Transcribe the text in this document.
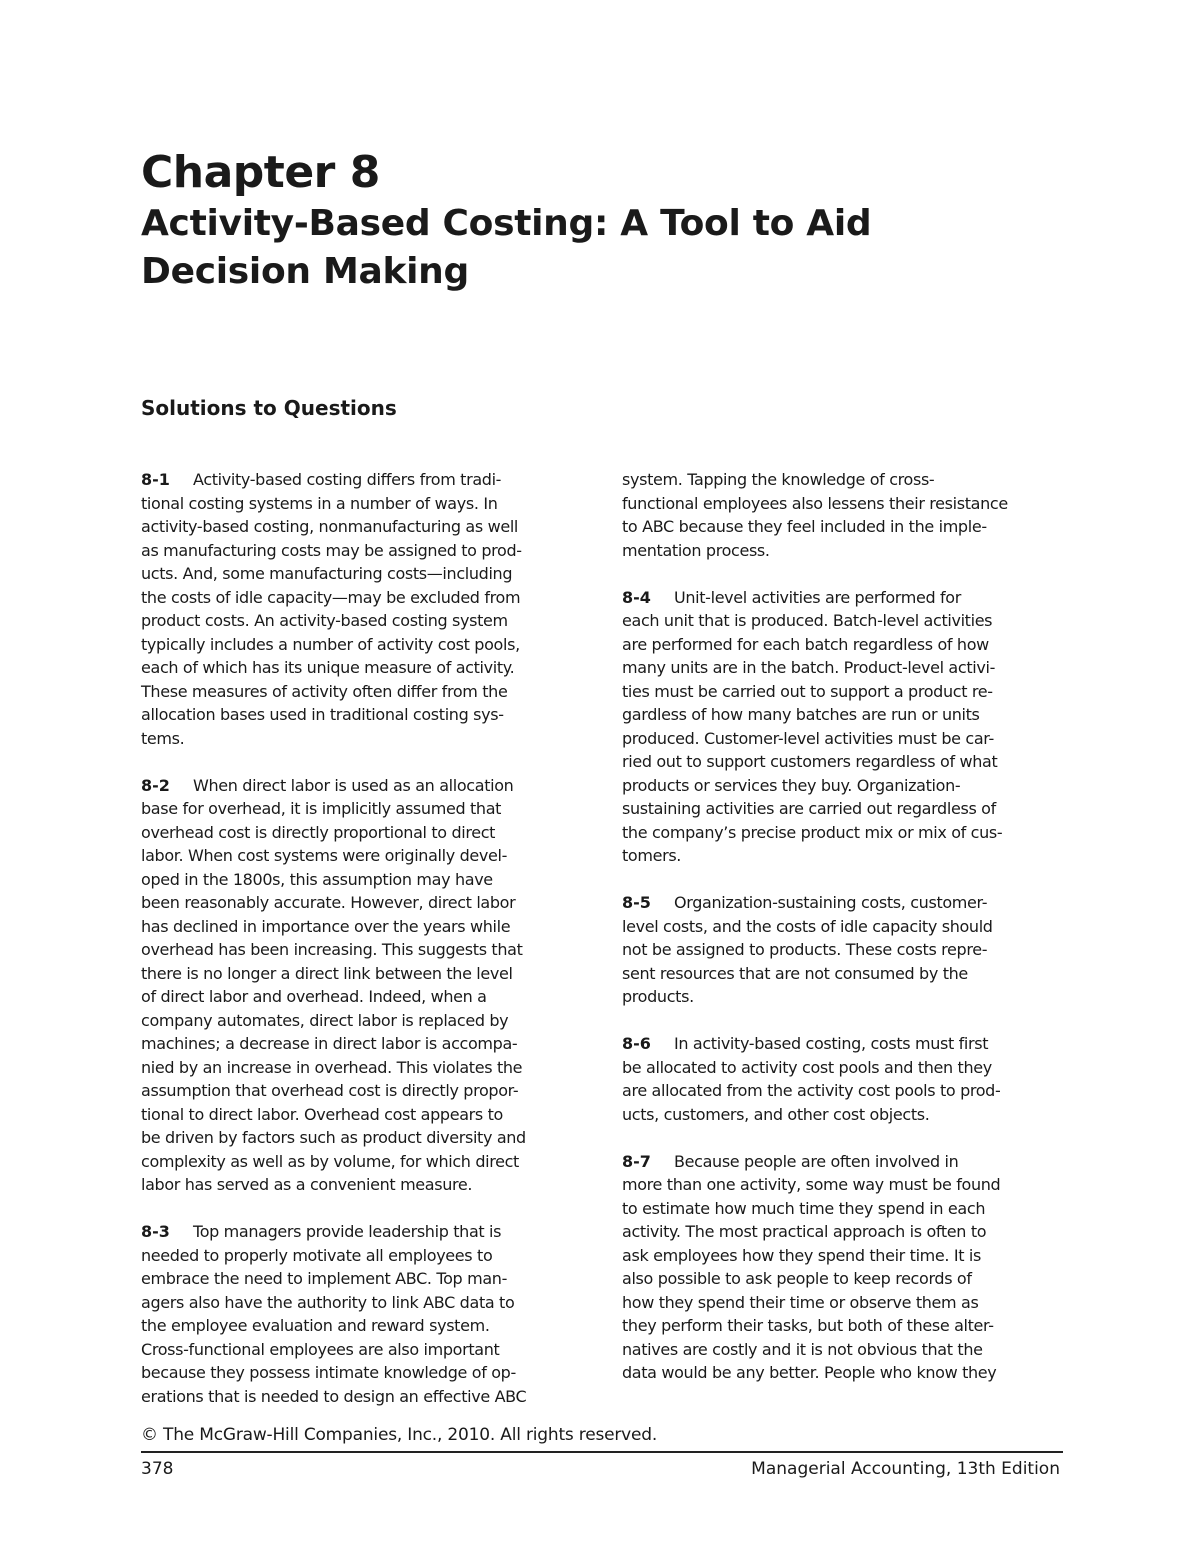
Chapter 8
Activity-Based Costing: A Tool to Aid
Decision Making
Solutions to Questions
8-1 Activity-based costing differs from tradi-
tional costing systems in a number of ways. In
activity-based costing, nonmanufacturing as well
as manufacturing costs may be assigned to prod-
ucts. And, some manufacturing costs—including
the costs of idle capacity—may be excluded from
product costs. An activity-based costing system
typically includes a number of activity cost pools,
each of which has its unique measure of activity.
These measures of activity often differ from the
allocation bases used in traditional costing sys-
tems.
8-2 When direct labor is used as an allocation
base for overhead, it is implicitly assumed that
overhead cost is directly proportional to direct
labor. When cost systems were originally devel-
oped in the 1800s, this assumption may have
been reasonably accurate. However, direct labor
has declined in importance over the years while
overhead has been increasing. This suggests that
there is no longer a direct link between the level
of direct labor and overhead. Indeed, when a
company automates, direct labor is replaced by
machines; a decrease in direct labor is accompa-
nied by an increase in overhead. This violates the
assumption that overhead cost is directly propor-
tional to direct labor. Overhead cost appears to
be driven by factors such as product diversity and
complexity as well as by volume, for which direct
labor has served as a convenient measure.
8-3 Top managers provide leadership that is
needed to properly motivate all employees to
embrace the need to implement ABC. Top man-
agers also have the authority to link ABC data to
the employee evaluation and reward system.
Cross-functional employees are also important
because they possess intimate knowledge of op-
erations that is needed to design an effective ABC
system. Tapping the knowledge of cross-
functional employees also lessens their resistance
to ABC because they feel included in the imple-
mentation process.
8-4 Unit-level activities are performed for
each unit that is produced. Batch-level activities
are performed for each batch regardless of how
many units are in the batch. Product-level activi-
ties must be carried out to support a product re-
gardless of how many batches are run or units
produced. Customer-level activities must be car-
ried out to support customers regardless of what
products or services they buy. Organization-
sustaining activities are carried out regardless of
the company’s precise product mix or mix of cus-
tomers.
8-5 Organization-sustaining costs, customer-
level costs, and the costs of idle capacity should
not be assigned to products. These costs repre-
sent resources that are not consumed by the
products.
8-6 In activity-based costing, costs must first
be allocated to activity cost pools and then they
are allocated from the activity cost pools to prod-
ucts, customers, and other cost objects.
8-7 Because people are often involved in
more than one activity, some way must be found
to estimate how much time they spend in each
activity. The most practical approach is often to
ask employees how they spend their time. It is
also possible to ask people to keep records of
how they spend their time or observe them as
they perform their tasks, but both of these alter-
natives are costly and it is not obvious that the
data would be any better. People who know they
© The McGraw-Hill Companies, Inc., 2010. All rights reserved.
378	Managerial Accounting, 13th Edition
